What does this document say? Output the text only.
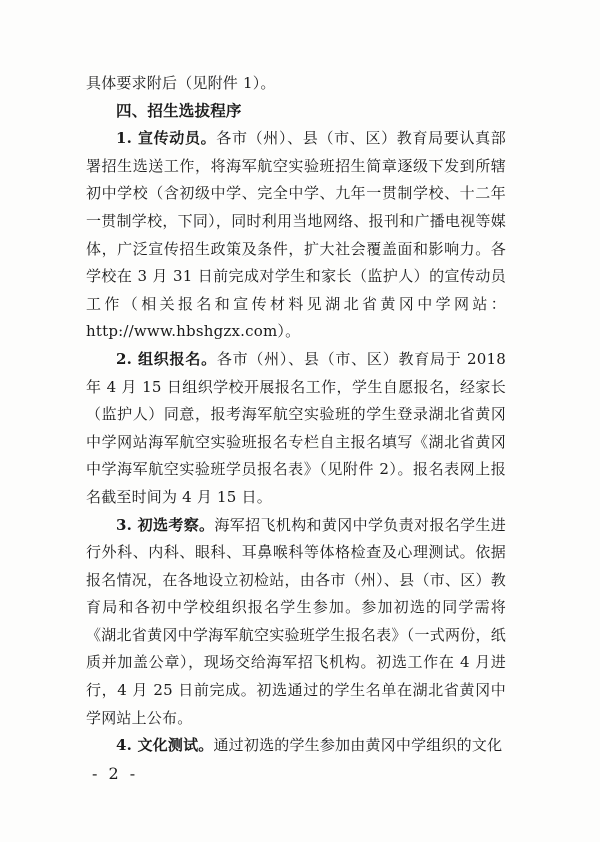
具体要求附后（见附件 1）。

四、招生选拔程序

1. 宣传动员。各市（州）、县（市、区）教育局要认真部署招生选送工作，将海军航空实验班招生简章逐级下发到所辖初中学校（含初级中学、完全中学、九年一贯制学校、十二年一贯制学校，下同），同时利用当地网络、报刊和广播电视等媒体，广泛宣传招生政策及条件，扩大社会覆盖面和影响力。各学校在 3 月 31 日前完成对学生和家长（监护人）的宣传动员工作（相关报名和宣传材料见湖北省黄冈中学网站：http://www.hbshgzx.com）。

2. 组织报名。各市（州）、县（市、区）教育局于 2018 年 4 月 15 日组织学校开展报名工作，学生自愿报名，经家长（监护人）同意，报考海军航空实验班的学生登录湖北省黄冈中学网站海军航空实验班报名专栏自主报名填写《湖北省黄冈中学海军航空实验班学员报名表》（见附件 2）。报名表网上报名截至时间为 4 月 15 日。

3. 初选考察。海军招飞机构和黄冈中学负责对报名学生进行外科、内科、眼科、耳鼻喉科等体格检查及心理测试。依据报名情况，在各地设立初检站，由各市（州）、县（市、区）教育局和各初中学校组织报名学生参加。参加初选的同学需将《湖北省黄冈中学海军航空实验班学生报名表》（一式两份，纸质并加盖公章），现场交给海军招飞机构。初选工作在 4 月进行，4 月 25 日前完成。初选通过的学生名单在湖北省黄冈中学网站上公布。

4. 文化测试。通过初选的学生参加由黄冈中学组织的文化

- 2 -
